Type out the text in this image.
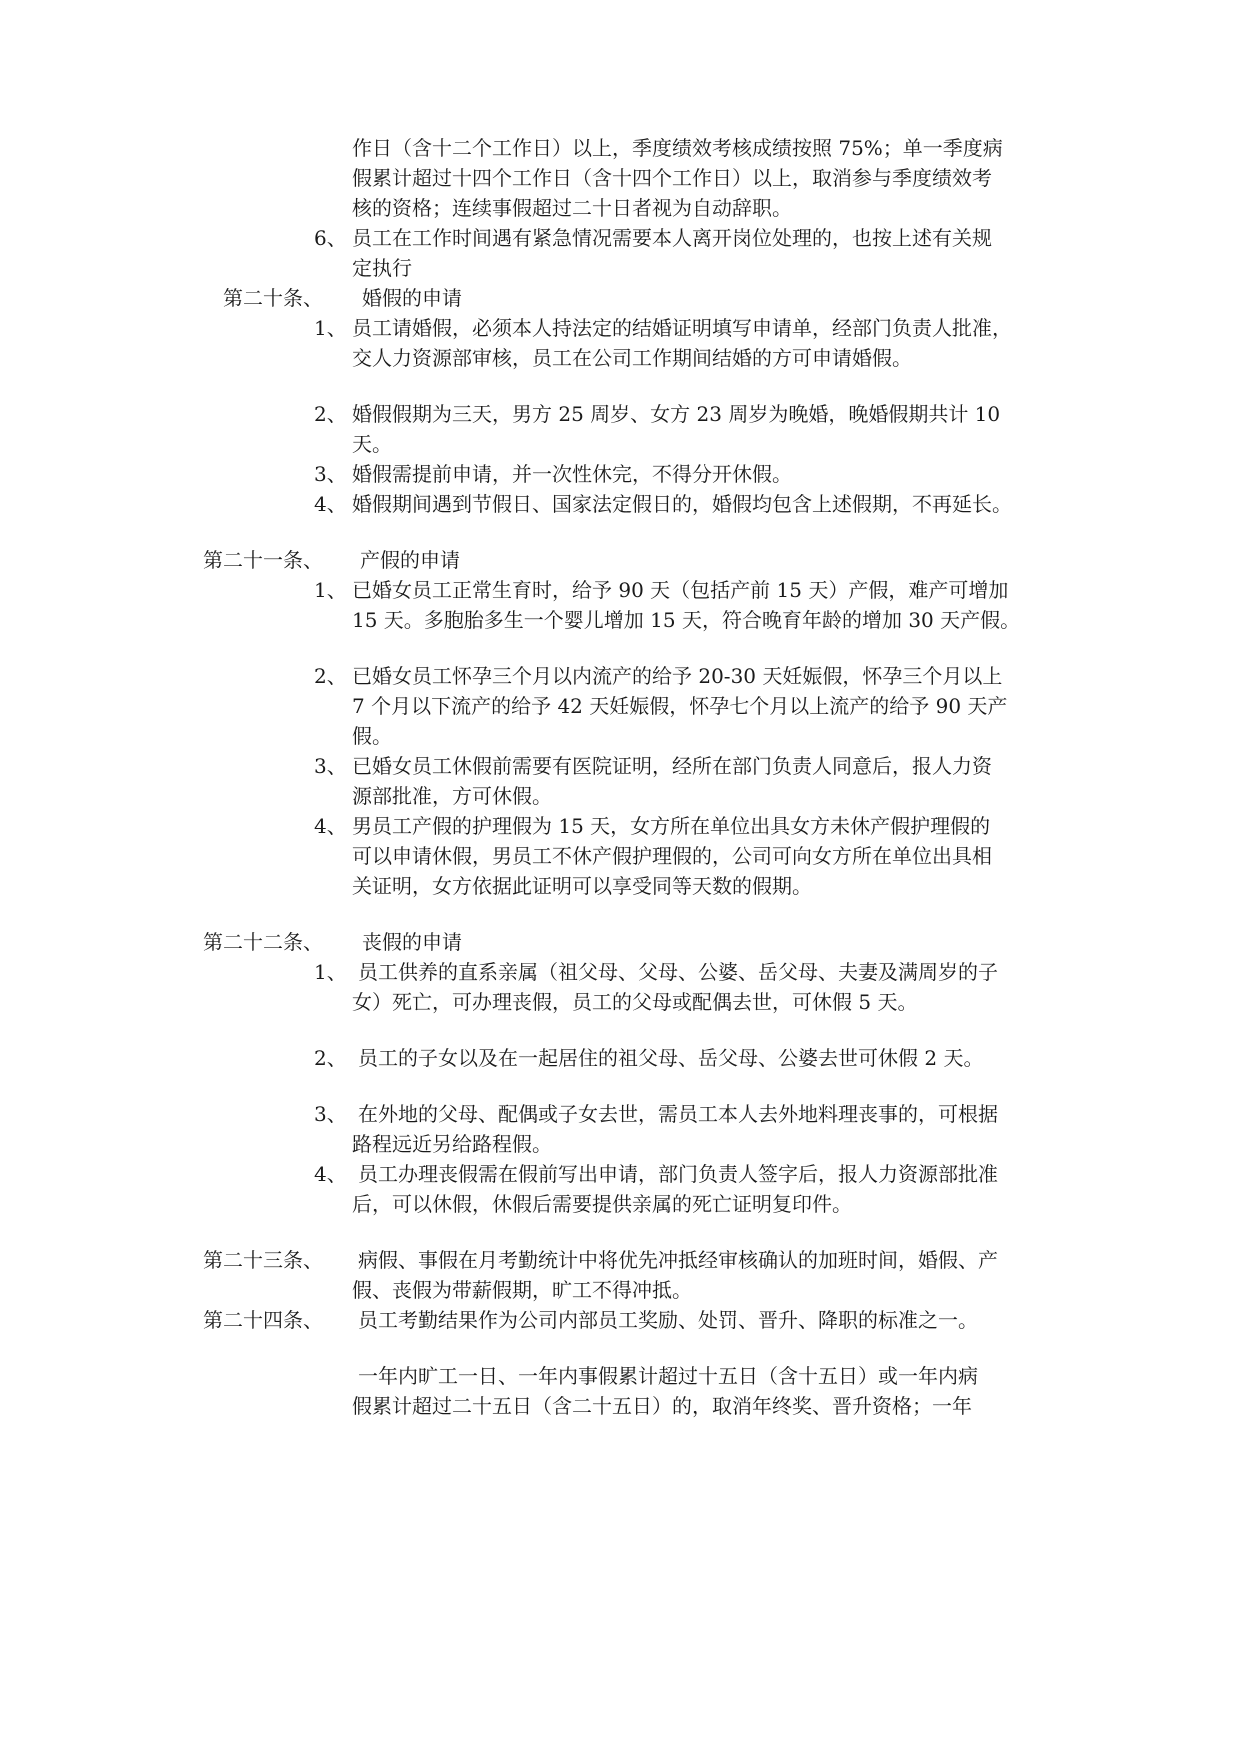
作日（含十二个工作日）以上，季度绩效考核成绩按照 75%；单一季度病
假累计超过十四个工作日（含十四个工作日）以上，取消参与季度绩效考
核的资格；连续事假超过二十日者视为自动辞职。
6、 员工在工作时间遇有紧急情况需要本人离开岗位处理的，也按上述有关规
定执行
第二十条、 婚假的申请
1、 员工请婚假，必须本人持法定的结婚证明填写申请单，经部门负责人批准，
交人力资源部审核，员工在公司工作期间结婚的方可申请婚假。
2、 婚假假期为三天，男方 25 周岁、女方 23 周岁为晚婚，晚婚假期共计 10
天。
3、 婚假需提前申请，并一次性休完，不得分开休假。
4、 婚假期间遇到节假日、国家法定假日的，婚假均包含上述假期，不再延长。
第二十一条、 产假的申请
1、 已婚女员工正常生育时，给予 90 天（包括产前 15 天）产假，难产可增加
15 天。多胞胎多生一个婴儿增加 15 天，符合晚育年龄的增加 30 天产假。
2、 已婚女员工怀孕三个月以内流产的给予 20-30 天妊娠假，怀孕三个月以上
7 个月以下流产的给予 42 天妊娠假，怀孕七个月以上流产的给予 90 天产
假。
3、 已婚女员工休假前需要有医院证明，经所在部门负责人同意后，报人力资
源部批准，方可休假。
4、 男员工产假的护理假为 15 天，女方所在单位出具女方未休产假护理假的
可以申请休假，男员工不休产假护理假的，公司可向女方所在单位出具相
关证明，女方依据此证明可以享受同等天数的假期。
第二十二条、 丧假的申请
1、 员工供养的直系亲属（祖父母、父母、公婆、岳父母、夫妻及满周岁的子
女）死亡，可办理丧假，员工的父母或配偶去世，可休假 5 天。
2、 员工的子女以及在一起居住的祖父母、岳父母、公婆去世可休假 2 天。
3、 在外地的父母、配偶或子女去世，需员工本人去外地料理丧事的，可根据
路程远近另给路程假。
4、 员工办理丧假需在假前写出申请，部门负责人签字后，报人力资源部批准
后，可以休假，休假后需要提供亲属的死亡证明复印件。
第二十三条、 病假、事假在月考勤统计中将优先冲抵经审核确认的加班时间，婚假、产
假、丧假为带薪假期，旷工不得冲抵。
第二十四条、 员工考勤结果作为公司内部员工奖励、处罚、晋升、降职的标准之一。
一年内旷工一日、一年内事假累计超过十五日（含十五日）或一年内病
假累计超过二十五日（含二十五日）的，取消年终奖、晋升资格；一年
